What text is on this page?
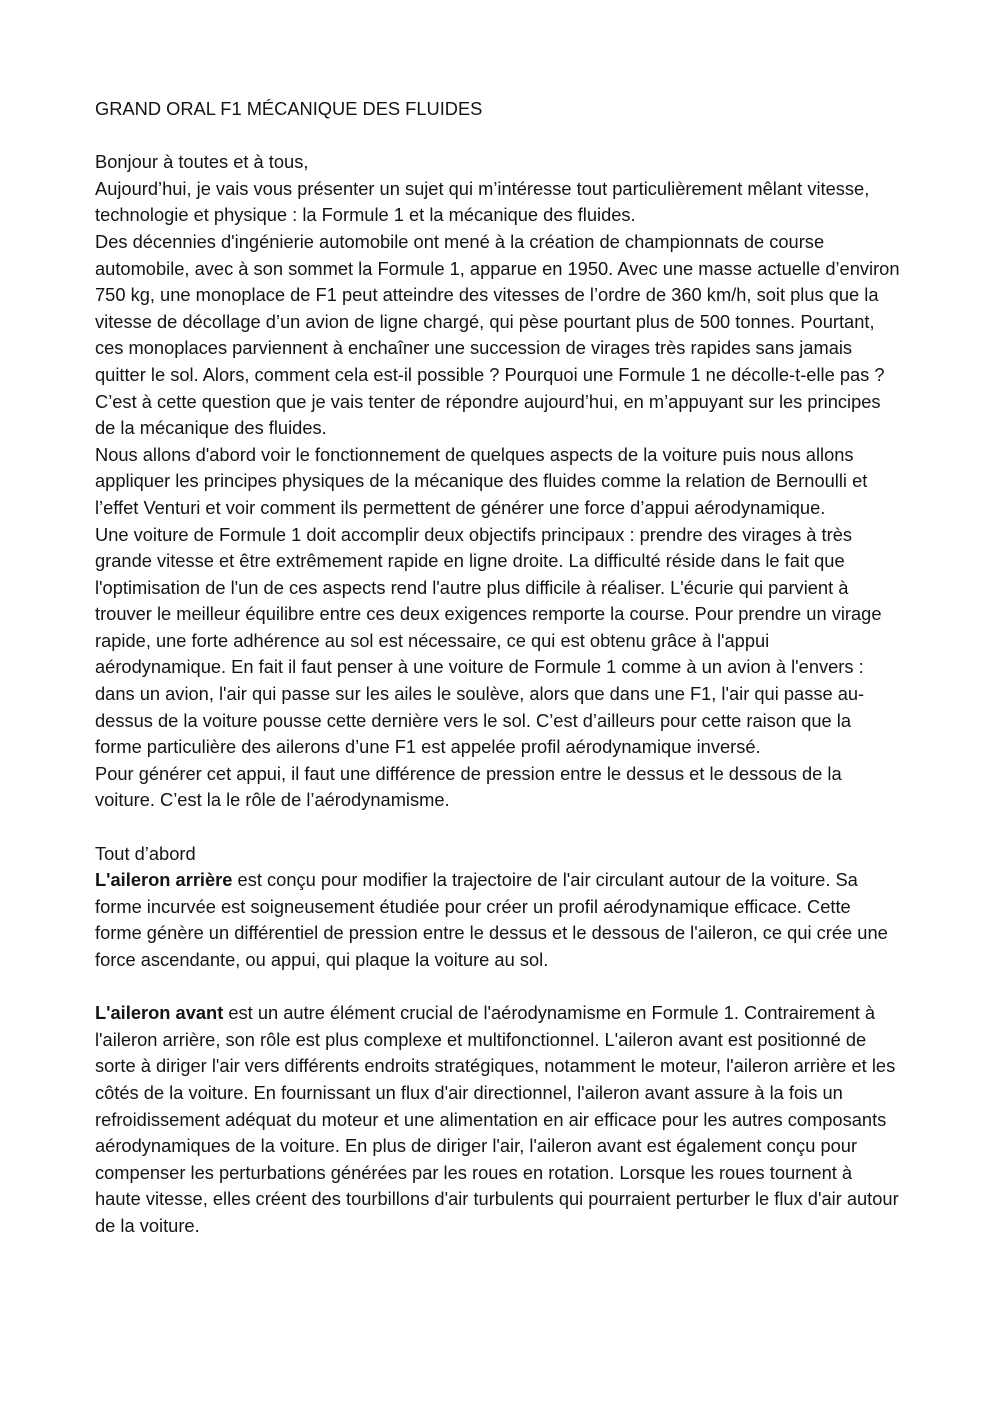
GRAND ORAL F1 MÉCANIQUE DES FLUIDES

Bonjour à toutes et à tous,

Aujourd’hui, je vais vous présenter un sujet qui m’intéresse tout particulièrement mêlant vitesse, technologie et physique : la Formule 1 et la mécanique des fluides.

Des décennies d'ingénierie automobile ont mené à la création de championnats de course automobile, avec à son sommet la Formule 1, apparue en 1950. Avec une masse actuelle d’environ 750 kg, une monoplace de F1 peut atteindre des vitesses de l’ordre de 360 km/h, soit plus que la vitesse de décollage d’un avion de ligne chargé, qui pèse pourtant plus de 500 tonnes. Pourtant, ces monoplaces parviennent à enchaîner une succession de virages très rapides sans jamais quitter le sol. Alors, comment cela est-il possible ? Pourquoi une Formule 1 ne décolle-t-elle pas ? C’est à cette question que je vais tenter de répondre aujourd’hui, en m’appuyant sur les principes de la mécanique des fluides.

Nous allons d'abord voir le fonctionnement de quelques aspects de la voiture puis nous allons appliquer les principes physiques de la mécanique des fluides comme la relation de Bernoulli et l’effet Venturi et voir comment ils permettent de générer une force d’appui aérodynamique.

Une voiture de Formule 1 doit accomplir deux objectifs principaux : prendre des virages à très grande vitesse et être extrêmement rapide en ligne droite. La difficulté réside dans le fait que l'optimisation de l'un de ces aspects rend l'autre plus difficile à réaliser. L'écurie qui parvient à trouver le meilleur équilibre entre ces deux exigences remporte la course. Pour prendre un virage rapide, une forte adhérence au sol est nécessaire, ce qui est obtenu grâce à l'appui aérodynamique. En fait il faut penser à une voiture de Formule 1 comme à un avion à l'envers : dans un avion, l'air qui passe sur les ailes le soulève, alors que dans une F1, l'air qui passe au-dessus de la voiture pousse cette dernière vers le sol. C’est d’ailleurs pour cette raison que la forme particulière des ailerons d’une F1 est appelée profil aérodynamique inversé.

Pour générer cet appui, il faut une différence de pression entre le dessus et le dessous de la voiture. C’est la le rôle de l’aérodynamisme.

Tout d’abord

L'aileron arrière est conçu pour modifier la trajectoire de l'air circulant autour de la voiture. Sa forme incurvée est soigneusement étudiée pour créer un profil aérodynamique efficace. Cette forme génère un différentiel de pression entre le dessus et le dessous de l'aileron, ce qui crée une force ascendante, ou appui, qui plaque la voiture au sol.

L'aileron avant est un autre élément crucial de l'aérodynamisme en Formule 1. Contrairement à l'aileron arrière, son rôle est plus complexe et multifonctionnel. L'aileron avant est positionné de sorte à diriger l'air vers différents endroits stratégiques, notamment le moteur, l'aileron arrière et les côtés de la voiture. En fournissant un flux d'air directionnel, l'aileron avant assure à la fois un refroidissement adéquat du moteur et une alimentation en air efficace pour les autres composants aérodynamiques de la voiture. En plus de diriger l'air, l'aileron avant est également conçu pour compenser les perturbations générées par les roues en rotation. Lorsque les roues tournent à haute vitesse, elles créent des tourbillons d'air turbulents qui pourraient perturber le flux d'air autour de la voiture.
